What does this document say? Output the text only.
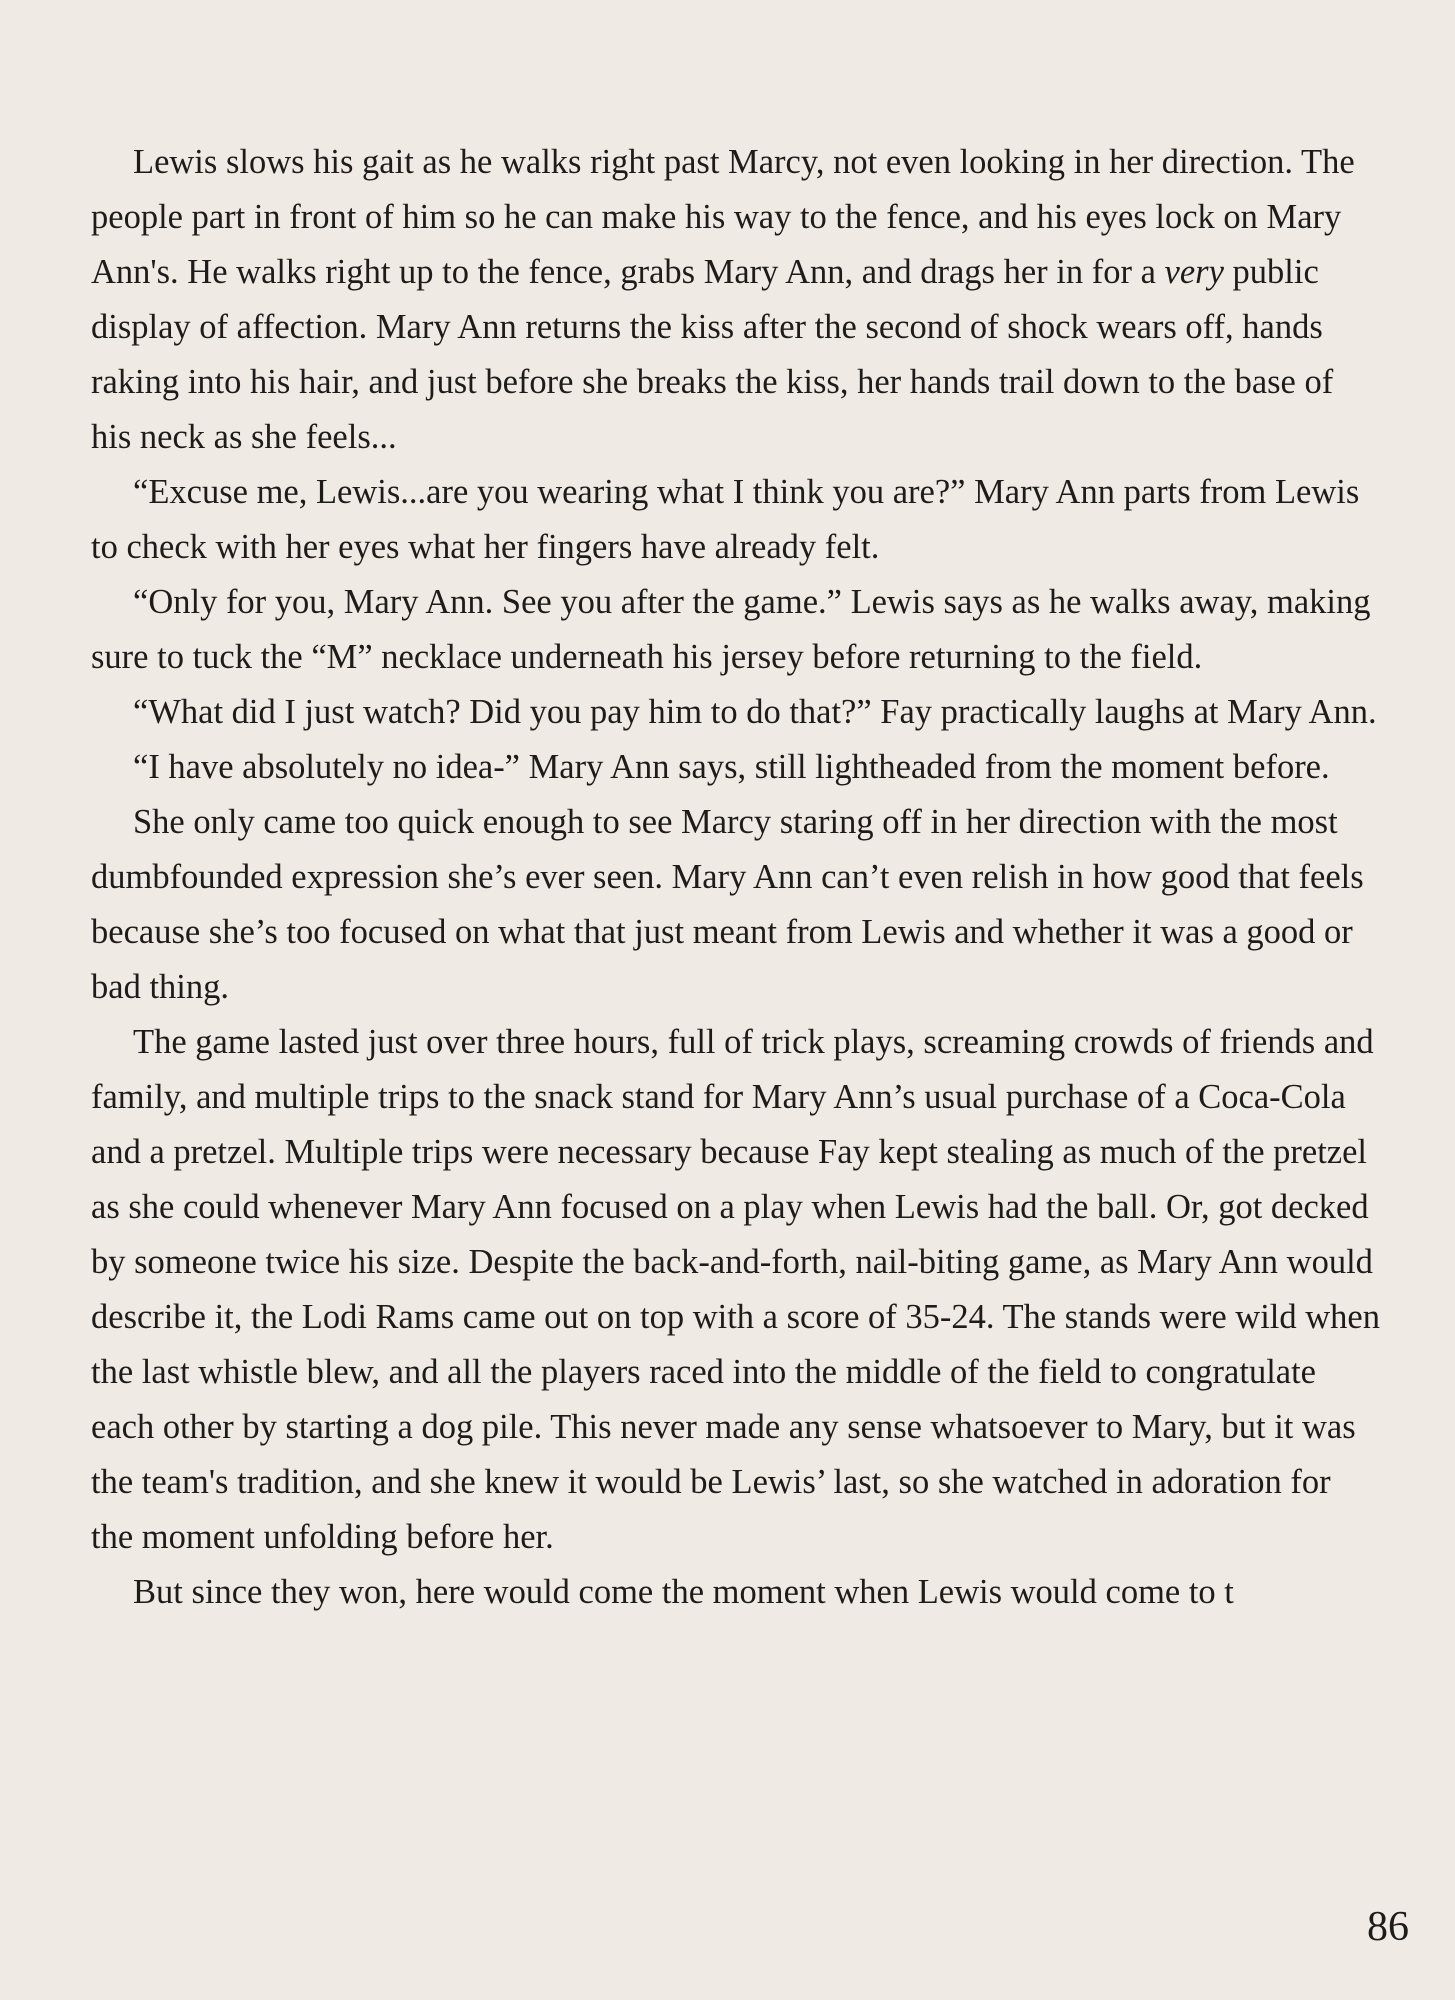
Lewis slows his gait as he walks right past Marcy, not even looking in her direction. The people part in front of him so he can make his way to the fence, and his eyes lock on Mary Ann's. He walks right up to the fence, grabs Mary Ann, and drags her in for a very public display of affection. Mary Ann returns the kiss after the second of shock wears off, hands raking into his hair, and just before she breaks the kiss, her hands trail down to the base of his neck as she feels...

“Excuse me, Lewis...are you wearing what I think you are?” Mary Ann parts from Lewis to check with her eyes what her fingers have already felt.

“Only for you, Mary Ann. See you after the game.” Lewis says as he walks away, making sure to tuck the “M” necklace underneath his jersey before returning to the field.

“What did I just watch? Did you pay him to do that?” Fay practically laughs at Mary Ann.

“I have absolutely no idea-” Mary Ann says, still lightheaded from the moment before.

She only came too quick enough to see Marcy staring off in her direction with the most dumbfounded expression she’s ever seen. Mary Ann can’t even relish in how good that feels because she’s too focused on what that just meant from Lewis and whether it was a good or bad thing.

The game lasted just over three hours, full of trick plays, screaming crowds of friends and family, and multiple trips to the snack stand for Mary Ann’s usual purchase of a Coca-Cola and a pretzel. Multiple trips were necessary because Fay kept stealing as much of the pretzel as she could whenever Mary Ann focused on a play when Lewis had the ball. Or, got decked by someone twice his size. Despite the back-and-forth, nail-biting game, as Mary Ann would describe it, the Lodi Rams came out on top with a score of 35-24. The stands were wild when the last whistle blew, and all the players raced into the middle of the field to congratulate each other by starting a dog pile. This never made any sense whatsoever to Mary, but it was the team's tradition, and she knew it would be Lewis’ last, so she watched in adoration for the moment unfolding before her.

But since they won, here would come the moment when Lewis would come to t

86
